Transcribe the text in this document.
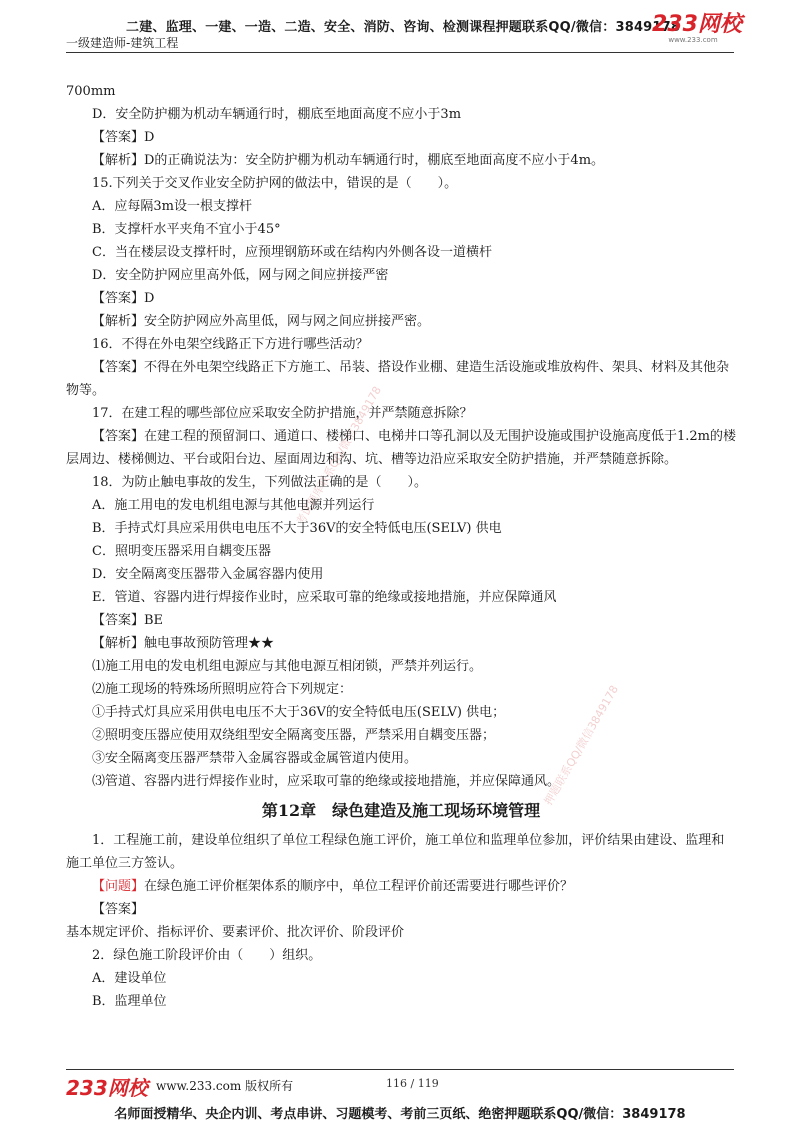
二建、监理、一建、一造、二造、安全、消防、咨询、检测课程押题联系QQ/微信：3849178
一级建造师-建筑工程
233网校
www.233.com
考试题库联系QQ/微信3849178
押题联系QQ/微信3849178
700mm
D．安全防护棚为机动车辆通行时，棚底至地面高度不应小于3m
【答案】D
【解析】D的正确说法为：安全防护棚为机动车辆通行时，棚底至地面高度不应小于4m。
15.下列关于交叉作业安全防护网的做法中，错误的是（　　）。
A．应每隔3m设一根支撑杆
B．支撑杆水平夹角不宜小于45°
C．当在楼层设支撑杆时，应预埋钢筋环或在结构内外侧各设一道横杆
D．安全防护网应里高外低，网与网之间应拼接严密
【答案】D
【解析】安全防护网应外高里低，网与网之间应拼接严密。
16．不得在外电架空线路正下方进行哪些活动？
【答案】不得在外电架空线路正下方施工、吊装、搭设作业棚、建造生活设施或堆放构件、架具、材料及其他杂物等。
17．在建工程的哪些部位应采取安全防护措施，并严禁随意拆除？
【答案】在建工程的预留洞口、通道口、楼梯口、电梯井口等孔洞以及无围护设施或围护设施高度低于1.2m的楼层周边、楼梯侧边、平台或阳台边、屋面周边和沟、坑、槽等边沿应采取安全防护措施，并严禁随意拆除。
18．为防止触电事故的发生，下列做法正确的是（　　）。
A．施工用电的发电机组电源与其他电源并列运行
B．手持式灯具应采用供电电压不大于36V的安全特低电压(SELV) 供电
C．照明变压器采用自耦变压器
D．安全隔离变压器带入金属容器内使用
E．管道、容器内进行焊接作业时，应采取可靠的绝缘或接地措施，并应保障通风
【答案】BE
【解析】触电事故预防管理★★
⑴施工用电的发电机组电源应与其他电源互相闭锁，严禁并列运行。
⑵施工现场的特殊场所照明应符合下列规定：
①手持式灯具应采用供电电压不大于36V的安全特低电压(SELV) 供电；
②照明变压器应使用双绕组型安全隔离变压器，严禁采用自耦变压器；
③安全隔离变压器严禁带入金属容器或金属管道内使用。
⑶管道、容器内进行焊接作业时，应采取可靠的绝缘或接地措施，并应保障通风。
第12章　绿色建造及施工现场环境管理
1．工程施工前，建设单位组织了单位工程绿色施工评价，施工单位和监理单位参加，评价结果由建设、监理和施工单位三方签认。
【问题】在绿色施工评价框架体系的顺序中，单位工程评价前还需要进行哪些评价？
【答案】
基本规定评价、指标评价、要素评价、批次评价、阶段评价
2．绿色施工阶段评价由（　　）组织。
A．建设单位
B．监理单位
233网校 www.233.com 版权所有	116 / 119
名师面授精华、央企内训、考点串讲、习题模考、考前三页纸、绝密押题联系QQ/微信：3849178
